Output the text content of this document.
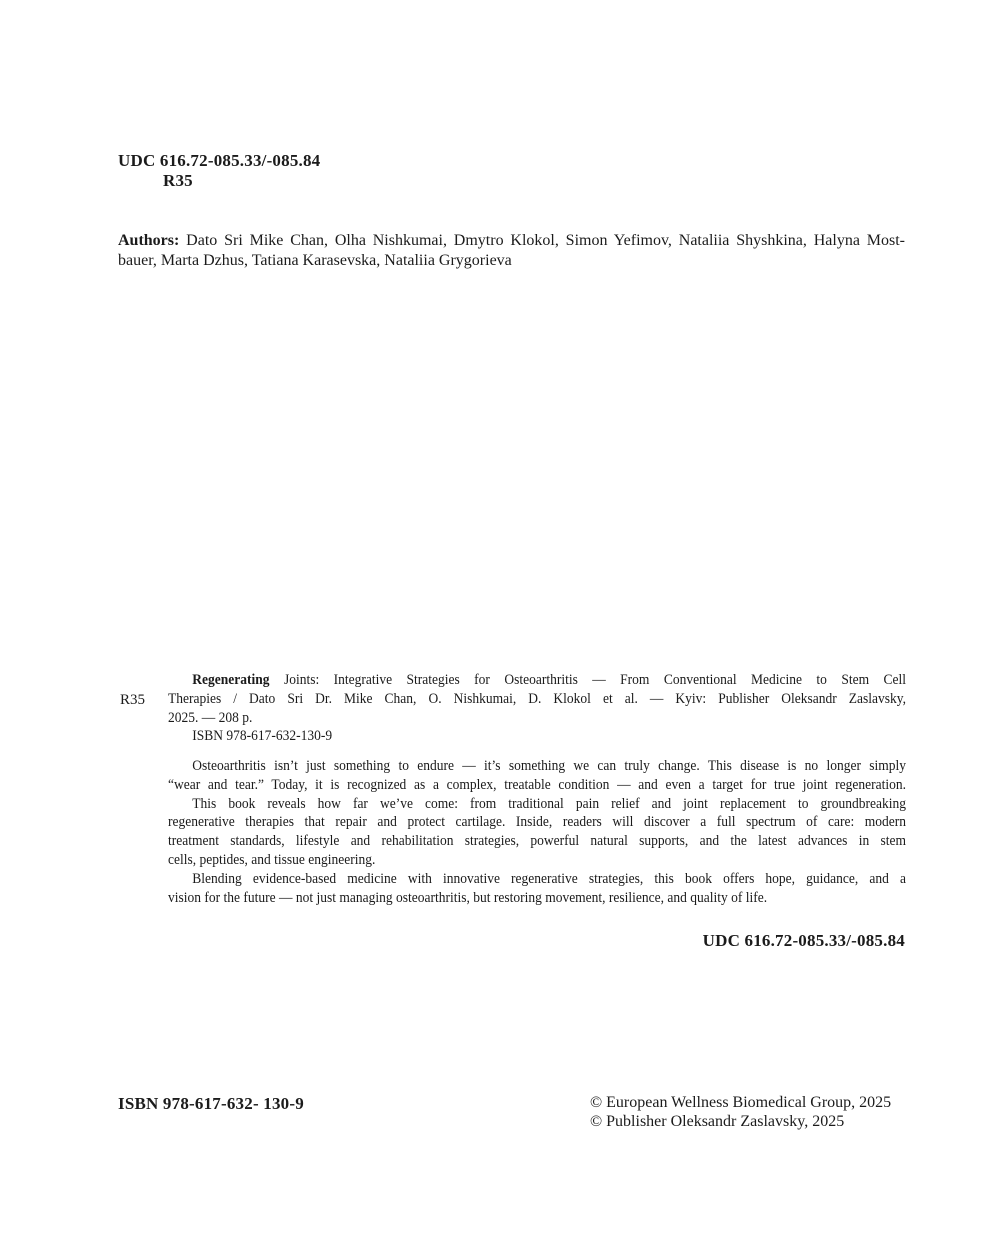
UDC 616.72-085.33/-085.84
R35
Authors: Dato Sri Mike Chan, Olha Nishkumai, Dmytro Klokol, Simon Yefimov, Nataliia Shyshkina, Halyna Most-
bauer, Marta Dzhus, Tatiana Karasevska, Nataliia Grygorieva
R35
Regenerating Joints: Integrative Strategies for Osteoarthritis — From Conventional Medicine to Stem Cell
Therapies / Dato Sri Dr. Mike Chan, O. Nishkumai, D. Klokol et al. — Kyiv: Publisher Oleksandr Zaslavsky,
2025. — 208 p.
ISBN 978-617-632-130-9
Osteoarthritis isn’t just something to endure — it’s something we can truly change. This disease is no longer simply
“wear and tear.” Today, it is recognized as a complex, treatable condition — and even a target for true joint regeneration.
This book reveals how far we’ve come: from traditional pain relief and joint replacement to groundbreaking
regenerative therapies that repair and protect cartilage. Inside, readers will discover a full spectrum of care: modern
treatment standards, lifestyle and rehabilitation strategies, powerful natural supports, and the latest advances in stem
cells, peptides, and tissue engineering.
Blending evidence-based medicine with innovative regenerative strategies, this book offers hope, guidance, and a
vision for the future — not just managing osteoarthritis, but restoring movement, resilience, and quality of life.
UDC 616.72-085.33/-085.84
ISBN 978-617-632- 130-9	© European Wellness Biomedical Group, 2025
© Publisher Oleksandr Zaslavsky, 2025
